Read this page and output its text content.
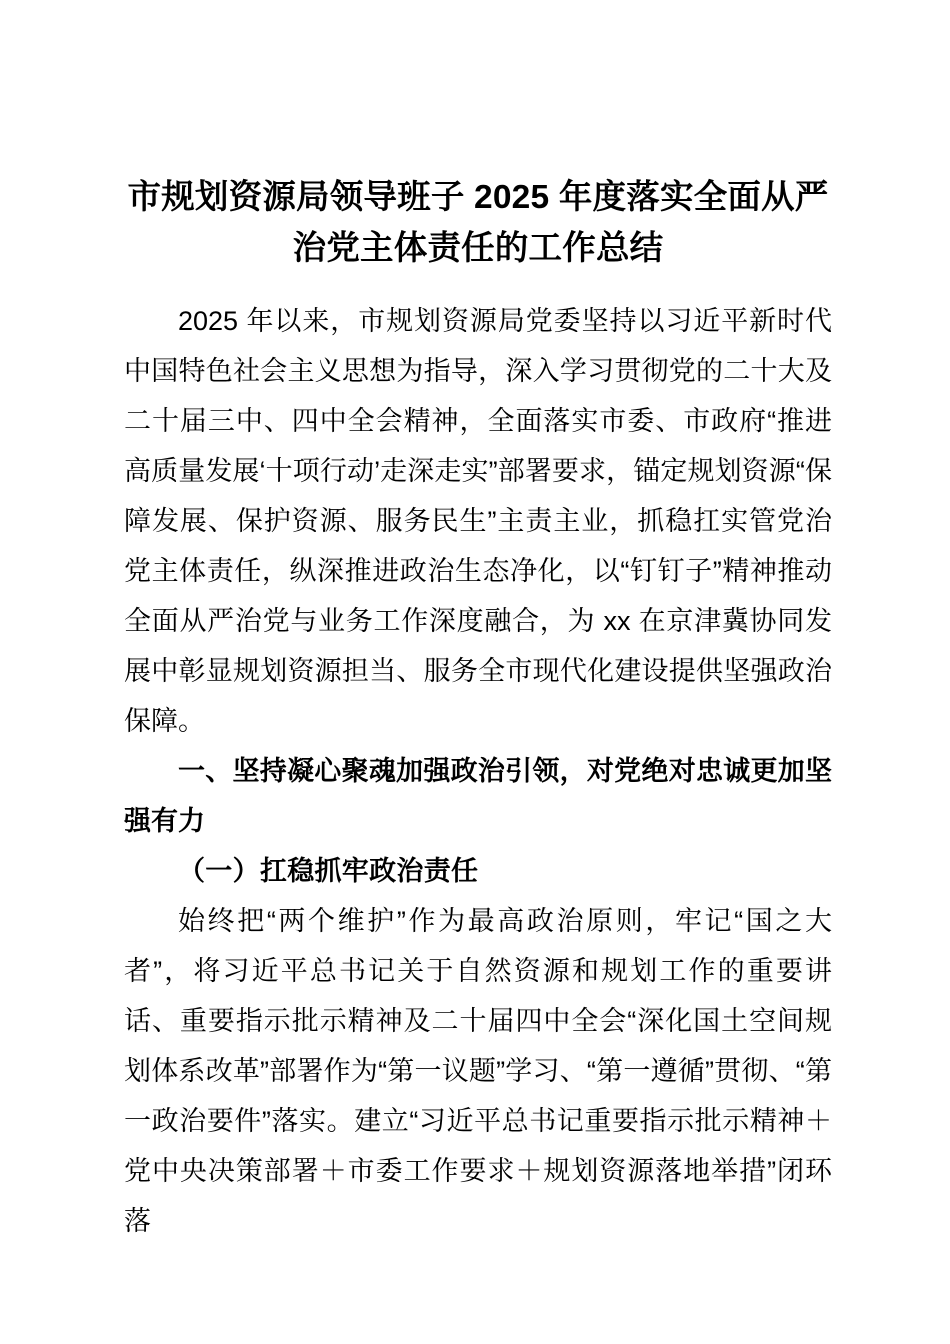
市规划资源局领导班子 2025 年度落实全面从严治党主体责任的工作总结

2025 年以来，市规划资源局党委坚持以习近平新时代中国特色社会主义思想为指导，深入学习贯彻党的二十大及二十届三中、四中全会精神，全面落实市委、市政府“推进高质量发展‘十项行动’走深走实”部署要求，锚定规划资源“保障发展、保护资源、服务民生”主责主业，抓稳扛实管党治党主体责任，纵深推进政治生态净化，以“钉钉子”精神推动全面从严治党与业务工作深度融合，为 xx 在京津冀协同发展中彰显规划资源担当、服务全市现代化建设提供坚强政治保障。

一、坚持凝心聚魂加强政治引领，对党绝对忠诚更加坚强有力

（一）扛稳抓牢政治责任

始终把“两个维护”作为最高政治原则，牢记“国之大者”，将习近平总书记关于自然资源和规划工作的重要讲话、重要指示批示精神及二十届四中全会“深化国土空间规划体系改革”部署作为“第一议题”学习、“第一遵循”贯彻、“第一政治要件”落实。建立“习近平总书记重要指示批示精神＋党中央决策部署＋市委工作要求＋规划资源落地举措”闭环落
